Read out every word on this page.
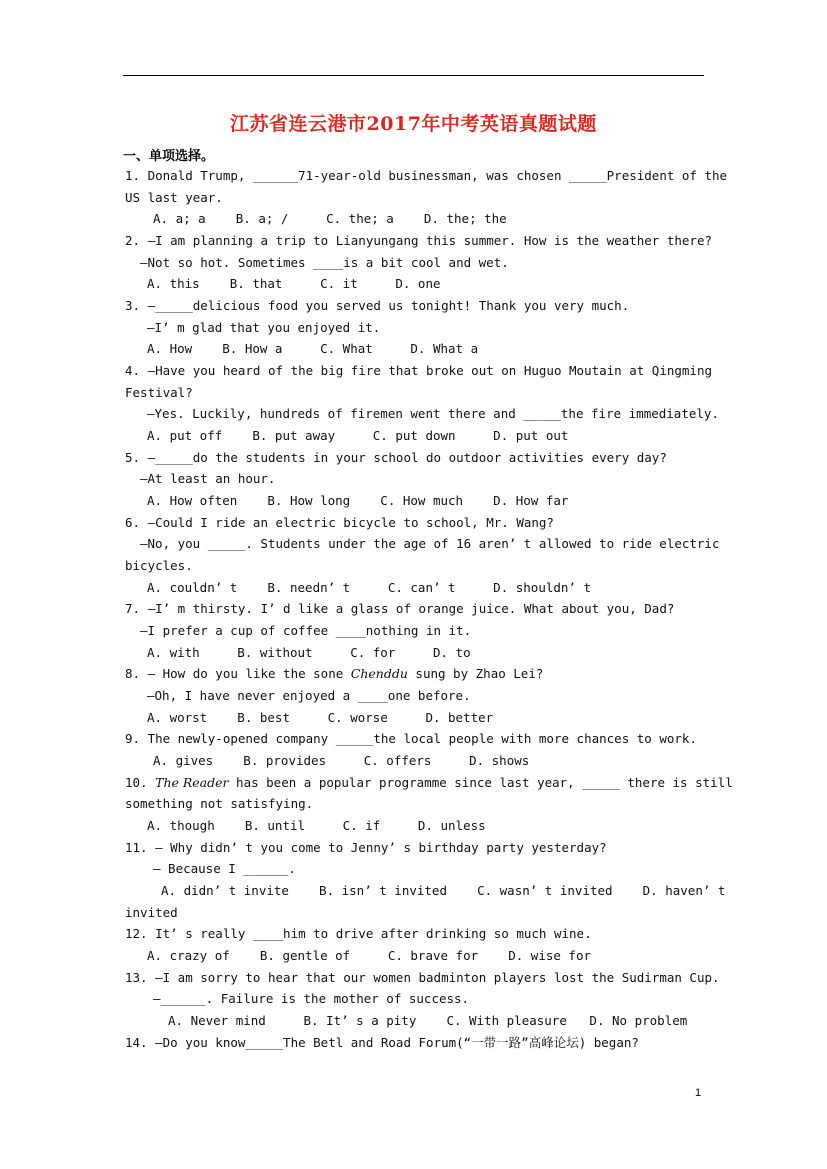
江苏省连云港市2017年中考英语真题试题
一、单项选择。
1. Donald Trump, ______71-year-old businessman, was chosen _____President of the
US last year.
A. a; a    B. a; /     C. the; a    D. the; the
2. —I am planning a trip to Lianyungang this summer. How is the weather there?
—Not so hot. Sometimes ____is a bit cool and wet.
A. this    B. that     C. it     D. one
3. —_____delicious food you served us tonight! Thank you very much.
—I’ m glad that you enjoyed it.
A. How    B. How a     C. What     D. What a
4. —Have you heard of the big fire that broke out on Huguo Moutain at Qingming
Festival?
—Yes. Luckily, hundreds of firemen went there and _____the fire immediately.
A. put off    B. put away     C. put down     D. put out
5. —_____do the students in your school do outdoor activities every day?
—At least an hour.
A. How often    B. How long    C. How much    D. How far
6. —Could I ride an electric bicycle to school, Mr. Wang?
—No, you _____. Students under the age of 16 aren’ t allowed to ride electric
bicycles.
A. couldn’ t    B. needn’ t     C. can’ t     D. shouldn’ t
7. —I’ m thirsty. I’ d like a glass of orange juice. What about you, Dad?
—I prefer a cup of coffee ____nothing in it.
A. with     B. without     C. for     D. to
8. — How do you like the sone Chenddu sung by Zhao Lei?
—Oh, I have never enjoyed a ____one before.
A. worst    B. best     C. worse     D. better
9. The newly-opened company _____the local people with more chances to work.
A. gives    B. provides     C. offers     D. shows
10. The Reader has been a popular programme since last year, _____ there is still
something not satisfying.
A. though    B. until     C. if     D. unless
11. — Why didn’ t you come to Jenny’ s birthday party yesterday?
— Because I ______.
A. didn’ t invite    B. isn’ t invited    C. wasn’ t invited    D. haven’ t
invited
12. It’ s really ____him to drive after drinking so much wine.
A. crazy of    B. gentle of     C. brave for    D. wise for
13. —I am sorry to hear that our women badminton players lost the Sudirman Cup.
—______. Failure is the mother of success.
A. Never mind     B. It’ s a pity    C. With pleasure   D. No problem
14. —Do you know_____The Betl and Road Forum(“一带一路”高峰论坛) began?
1
